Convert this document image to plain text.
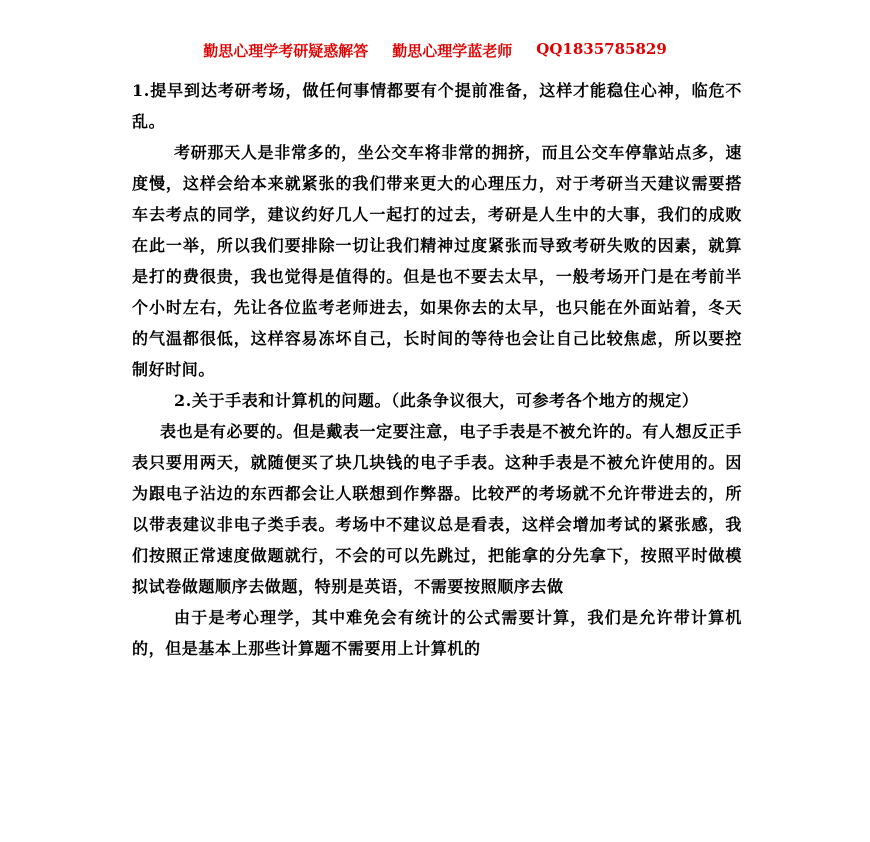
勤思心理学考研疑惑解答 勤思心理学蓝老师 QQ1835785829

1.提早到达考研考场，做任何事情都要有个提前准备，这样才能稳住心神，临危不乱。

考研那天人是非常多的，坐公交车将非常的拥挤，而且公交车停靠站点多，速度慢，这样会给本来就紧张的我们带来更大的心理压力，对于考研当天建议需要搭车去考点的同学，建议约好几人一起打的过去，考研是人生中的大事，我们的成败在此一举，所以我们要排除一切让我们精神过度紧张而导致考研失败的因素，就算是打的费很贵，我也觉得是值得的。但是也不要去太早，一般考场开门是在考前半个小时左右，先让各位监考老师进去，如果你去的太早，也只能在外面站着，冬天的气温都很低，这样容易冻坏自己，长时间的等待也会让自己比较焦虑，所以要控制好时间。

2.关于手表和计算机的问题。（此条争议很大，可参考各个地方的规定）

表也是有必要的。但是戴表一定要注意，电子手表是不被允许的。有人想反正手表只要用两天，就随便买了块几块钱的电子手表。这种手表是不被允许使用的。因为跟电子沾边的东西都会让人联想到作弊器。比较严的考场就不允许带进去的，所以带表建议非电子类手表。考场中不建议总是看表，这样会增加考试的紧张感，我们按照正常速度做题就行，不会的可以先跳过，把能拿的分先拿下，按照平时做模拟试卷做题顺序去做题，特别是英语，不需要按照顺序去做

由于是考心理学，其中难免会有统计的公式需要计算，我们是允许带计算机的，但是基本上那些计算题不需要用上计算机的
